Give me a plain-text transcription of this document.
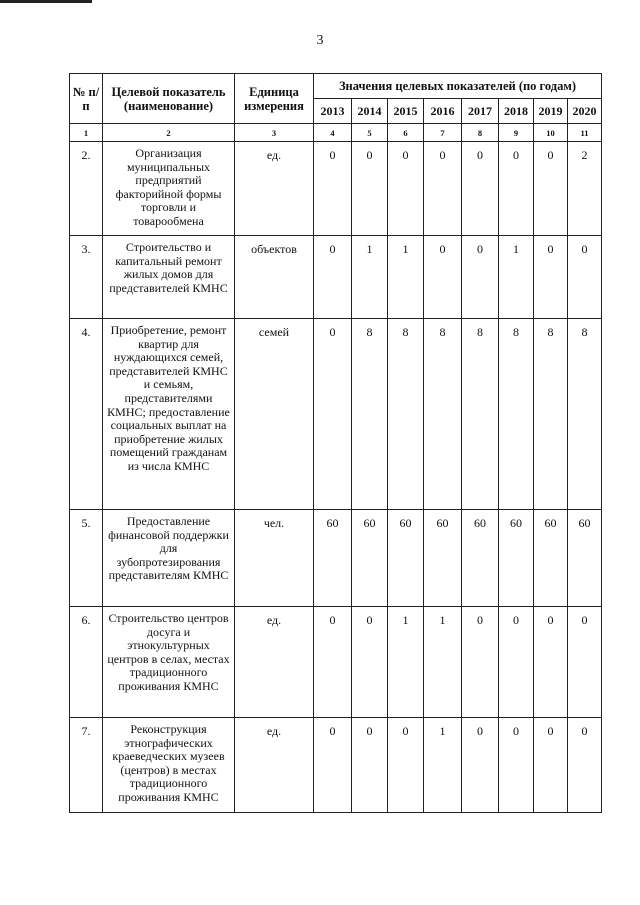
3
№ п/п	Целевой показатель (наименование)	Единица измерения	Значения целевых показателей (по годам)							
			2013	2014	2015	2016	2017	2018	2019	2020
1	2	3	4	5	6	7	8	9	10	11
2.	Организация муниципальных предприятий факторийной формы торговли и товарообмена	ед.	0	0	0	0	0	0	0	2
3.	Строительство и капитальный ремонт жилых домов для представителей КМНС	объектов	0	1	1	0	0	1	0	0
4.	Приобретение, ремонт квартир для нуждающихся семей, представителей КМНС и семьям, представителями КМНС; предоставление социальных выплат на приобретение жилых помещений гражданам из числа КМНС	семей	0	8	8	8	8	8	8	8
5.	Предоставление финансовой поддержки для зубопротезирования представителям КМНС	чел.	60	60	60	60	60	60	60	60
6.	Строительство центров досуга и этнокультурных центров в селах, местах традиционного проживания КМНС	ед.	0	0	1	1	0	0	0	0
7.	Реконструкция этнографических краеведческих музеев (центров) в местах традиционного проживания КМНС	ед.	0	0	0	1	0	0	0	0
